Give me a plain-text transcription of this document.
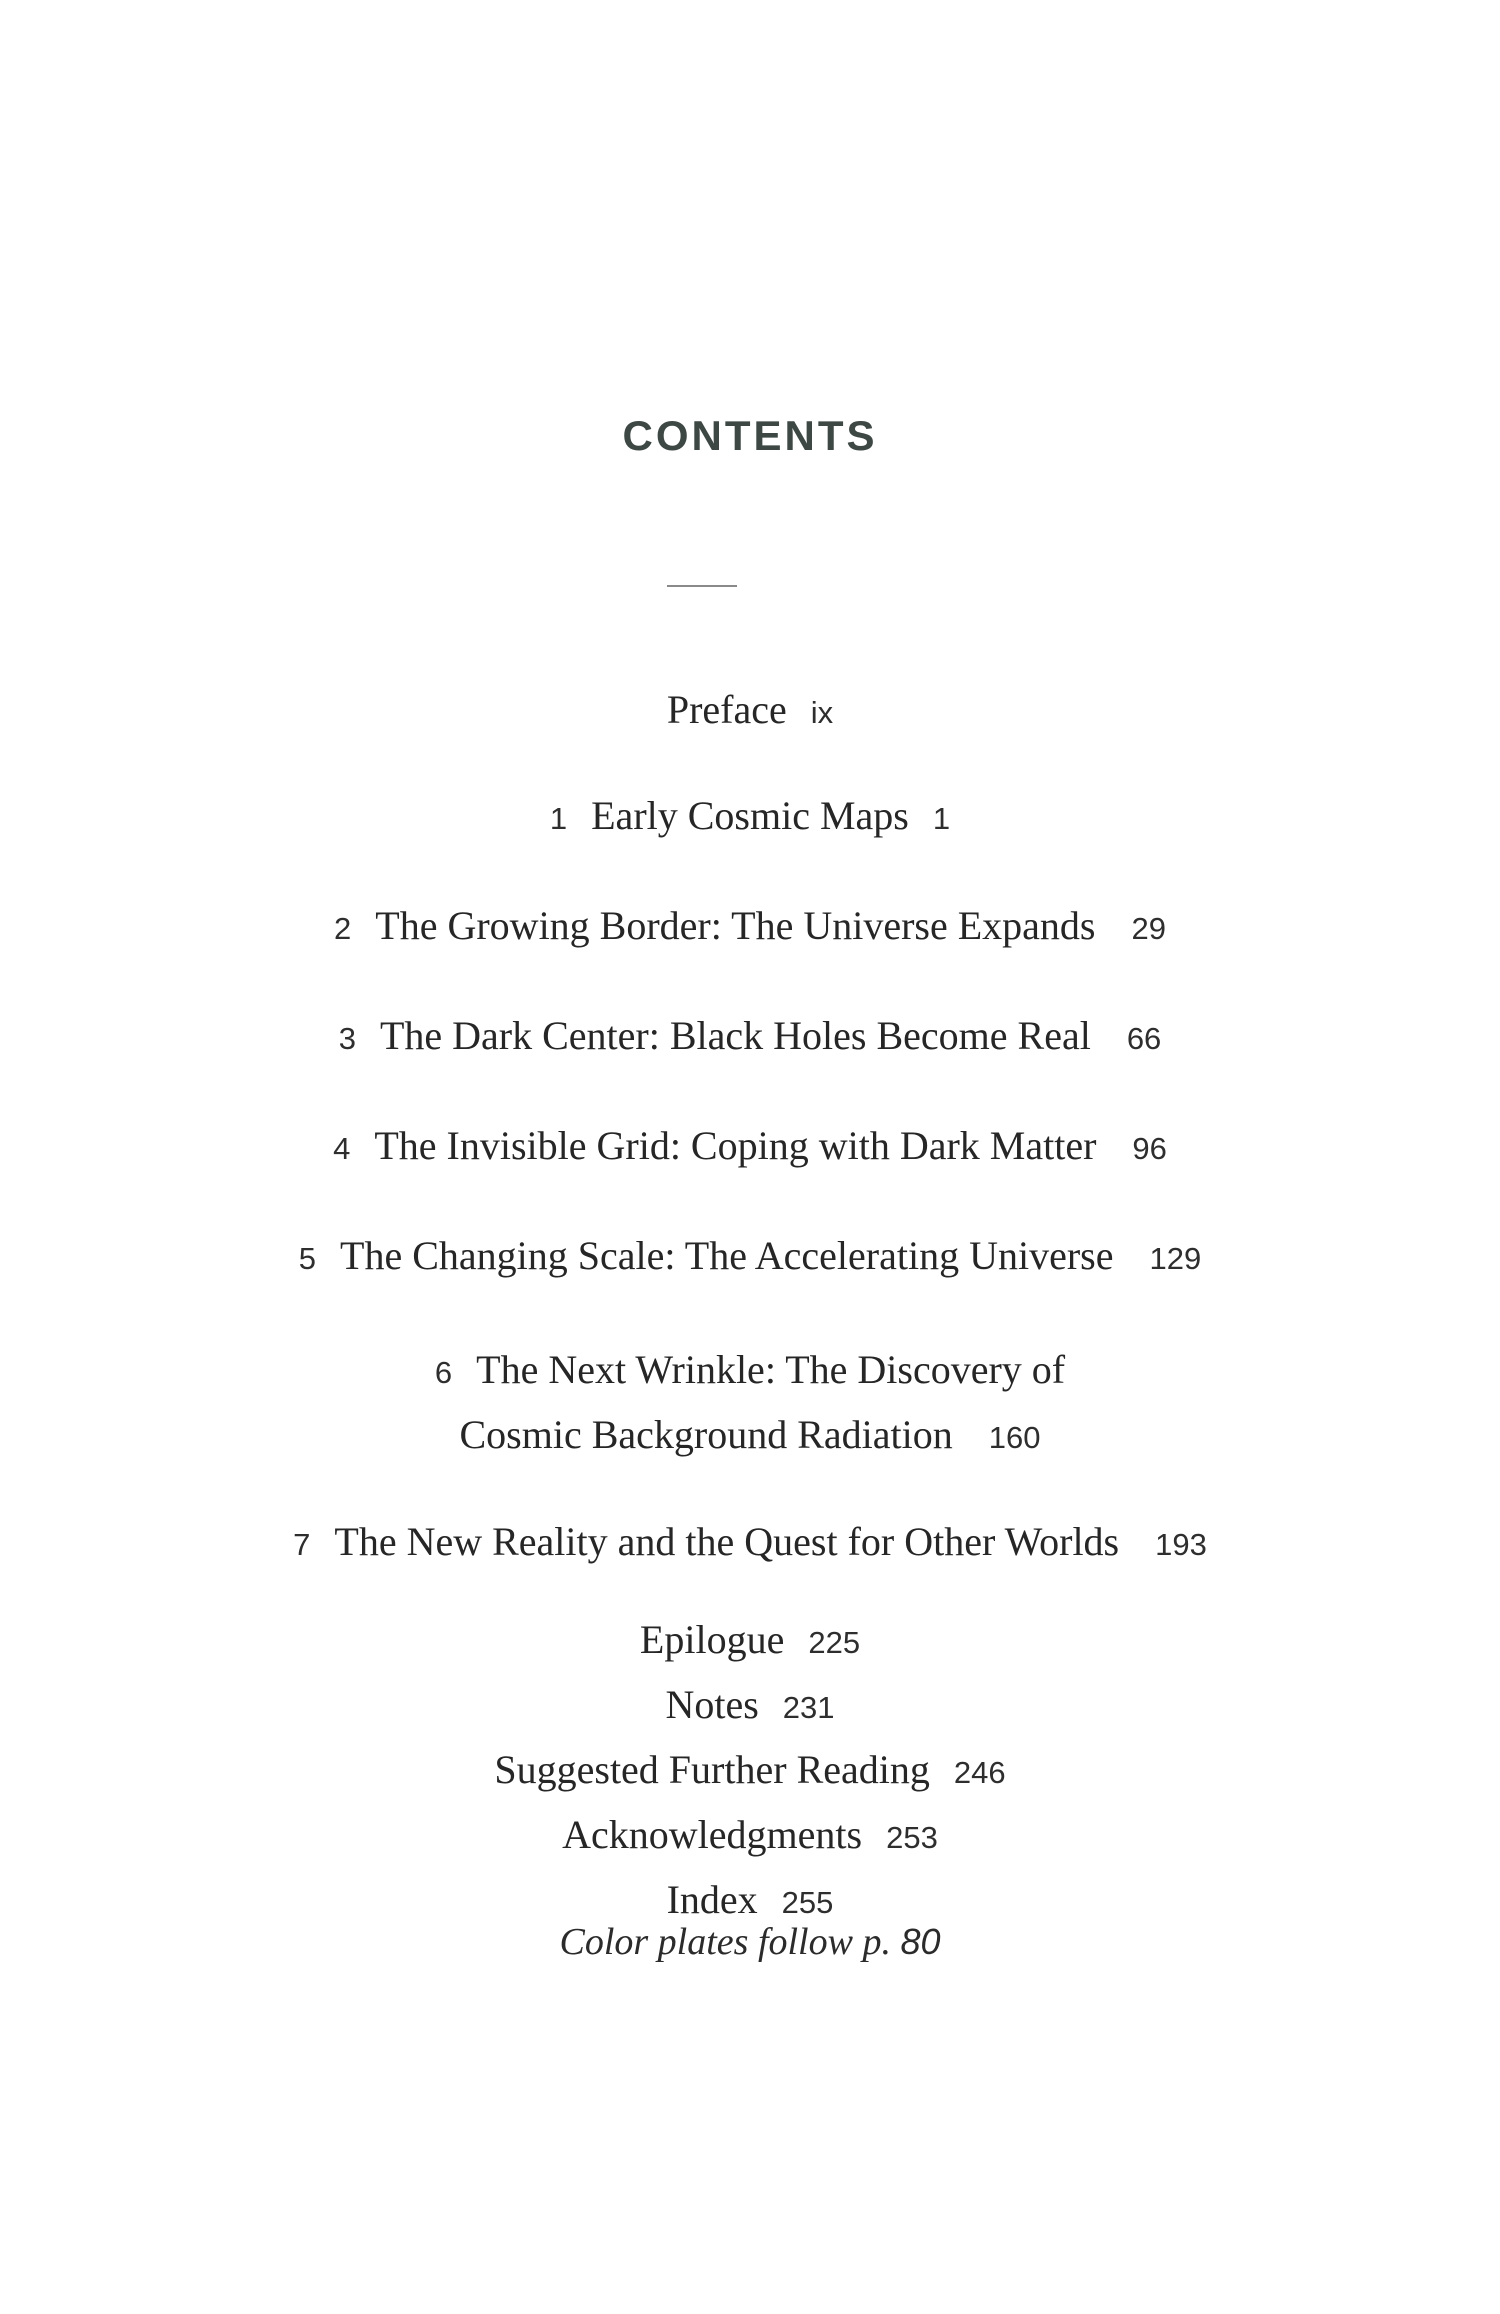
CONTENTS
Preface ix
1 Early Cosmic Maps 1
2 The Growing Border: The Universe Expands 29
3 The Dark Center: Black Holes Become Real 66
4 The Invisible Grid: Coping with Dark Matter 96
5 The Changing Scale: The Accelerating Universe 129
6 The Next Wrinkle: The Discovery of
Cosmic Background Radiation 160
7 The New Reality and the Quest for Other Worlds 193
Epilogue 225
Notes 231
Suggested Further Reading 246
Acknowledgments 253
Index 255
Color plates follow p. 80
